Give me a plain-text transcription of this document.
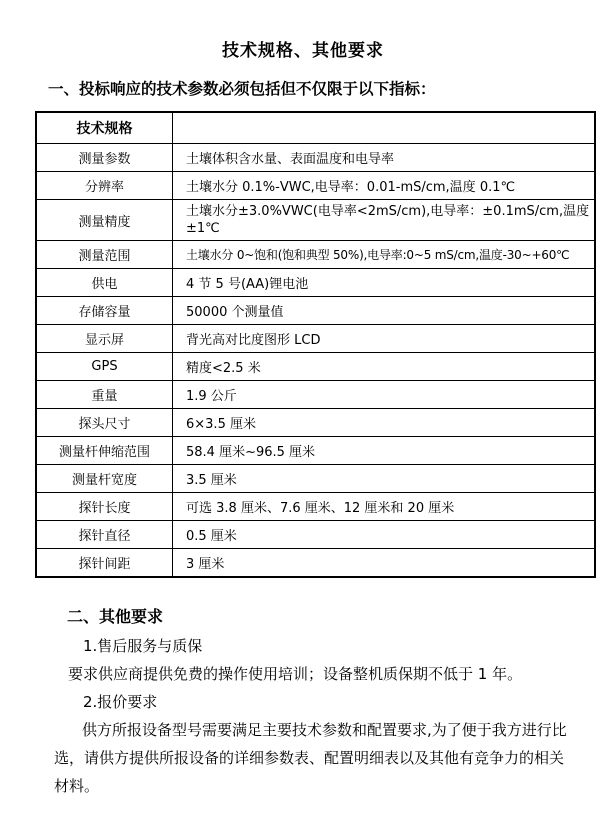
技术规格、其他要求
一、投标响应的技术参数必须包括但不仅限于以下指标：
技术规格	
测量参数	土壤体积含水量、表面温度和电导率
分辨率	土壤水分 0.1%-VWC,电导率：0.01-mS/cm,温度 0.1℃
测量精度	土壤水分±3.0%VWC(电导率<2mS/cm),电导率：±0.1mS/cm,温度±1℃
测量范围	土壤水分 0~饱和(饱和典型 50%),电导率:0~5 mS/cm,温度-30~+60℃
供电	4 节 5 号(AA)锂电池
存储容量	50000 个测量值
显示屏	背光高对比度图形 LCD
GPS	精度<2.5 米
重量	1.9 公斤
探头尺寸	6×3.5 厘米
测量杆伸缩范围	58.4 厘米~96.5 厘米
测量杆宽度	3.5 厘米
探针长度	可选 3.8 厘米、7.6 厘米、12 厘米和 20 厘米
探针直径	0.5 厘米
探针间距	3 厘米
二、其他要求

1.售后服务与质保

要求供应商提供免费的操作使用培训；设备整机质保期不低于 1 年。

2.报价要求

供方所报设备型号需要满足主要技术参数和配置要求,为了便于我方进行比选，请供方提供所报设备的详细参数表、配置明细表以及其他有竞争力的相关材料。
